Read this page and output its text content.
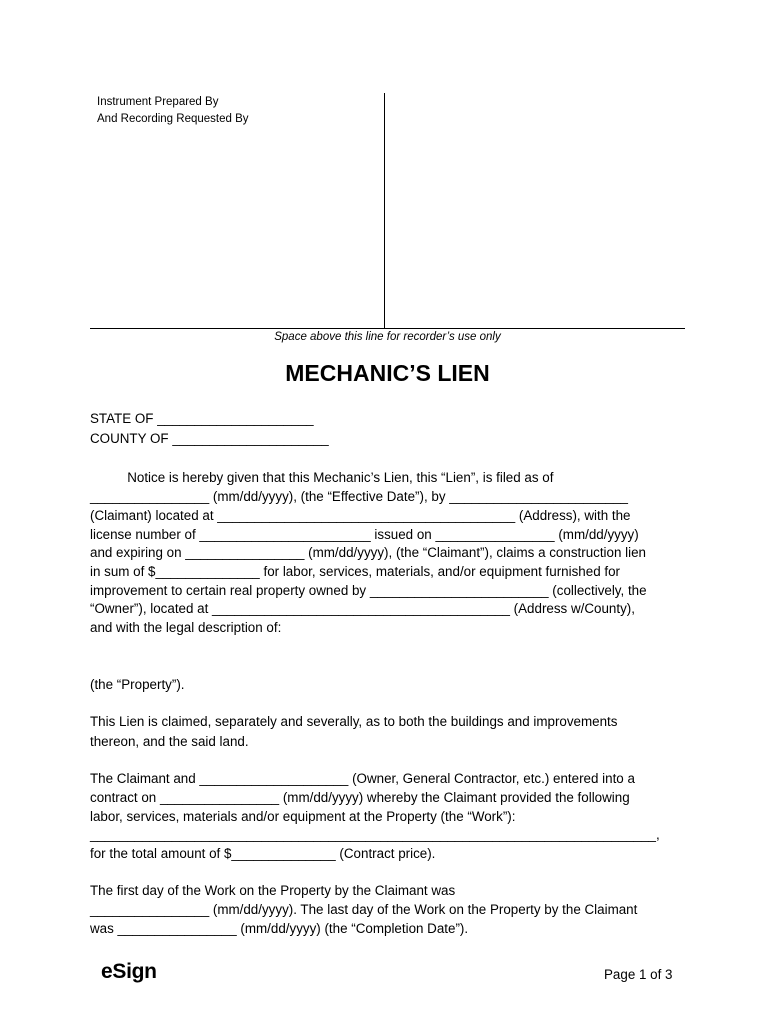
Instrument Prepared By
And Recording Requested By
Space above this line for recorder’s use only
MECHANIC’S LIEN
STATE OF _____________________
COUNTY OF _____________________
Notice is hereby given that this Mechanic’s Lien, this “Lien”, is filed as of
________________ (mm/dd/yyyy), (the “Effective Date”), by ________________________
(Claimant) located at ________________________________________ (Address), with the
license number of _______________________ issued on ________________ (mm/dd/yyyy)
and expiring on ________________ (mm/dd/yyyy), (the “Claimant”), claims a construction lien
in sum of $______________ for labor, services, materials, and/or equipment furnished for
improvement to certain real property owned by ________________________ (collectively, the
“Owner”), located at ________________________________________ (Address w/County),
and with the legal description of:
(the “Property”).
This Lien is claimed, separately and severally, as to both the buildings and improvements
thereon, and the said land.
The Claimant and ____________________ (Owner, General Contractor, etc.) entered into a
contract on ________________ (mm/dd/yyyy) whereby the Claimant provided the following
labor, services, materials and/or equipment at the Property (the “Work”):
____________________________________________________________________________,
for the total amount of $______________ (Contract price).
The first day of the Work on the Property by the Claimant was
________________ (mm/dd/yyyy). The last day of the Work on the Property by the Claimant
was ________________ (mm/dd/yyyy) (the “Completion Date”).
eSign	Page 1 of 3
